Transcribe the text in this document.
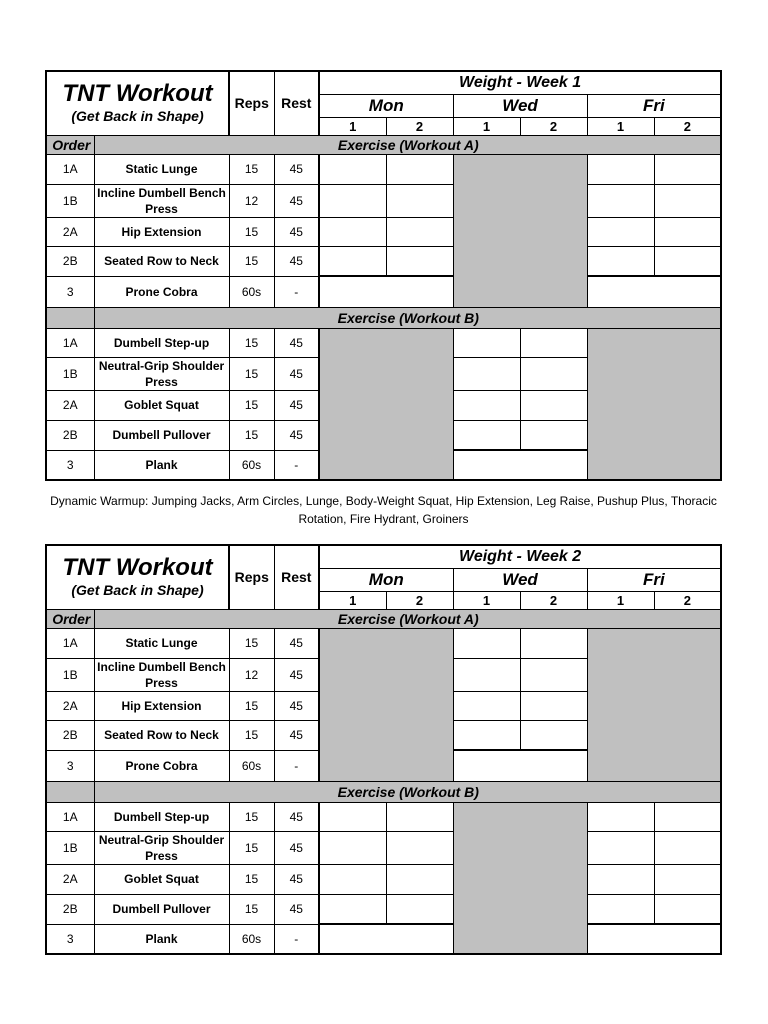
TNT Workout
(Get Back in Shape)		Reps	Rest	Weight - Week 1					
				Mon		Wed		Fri	
				1	2	1	2	1	2
Order	Exercise (Workout A)								
1A	Static Lunge	15	45						
1B	Incline Dumbell Bench Press	12	45						
2A	Hip Extension	15	45						
2B	Seated Row to Neck	15	45						
3	Prone Cobra	60s	-						
	Exercise (Workout B)								
1A	Dumbell Step-up	15	45						
1B	Neutral-Grip Shoulder Press	15	45						
2A	Goblet Squat	15	45						
2B	Dumbell Pullover	15	45						
3	Plank	60s	-						
Dynamic Warmup: Jumping Jacks, Arm Circles, Lunge, Body-Weight Squat, Hip Extension, Leg Raise, Pushup Plus, Thoracic Rotation, Fire Hydrant, Groiners
TNT Workout
(Get Back in Shape)		Reps	Rest	Weight - Week 2					
				Mon		Wed		Fri	
				1	2	1	2	1	2
Order	Exercise (Workout A)								
1A	Static Lunge	15	45						
1B	Incline Dumbell Bench Press	12	45						
2A	Hip Extension	15	45						
2B	Seated Row to Neck	15	45						
3	Prone Cobra	60s	-						
	Exercise (Workout B)								
1A	Dumbell Step-up	15	45						
1B	Neutral-Grip Shoulder Press	15	45						
2A	Goblet Squat	15	45						
2B	Dumbell Pullover	15	45						
3	Plank	60s	-						
